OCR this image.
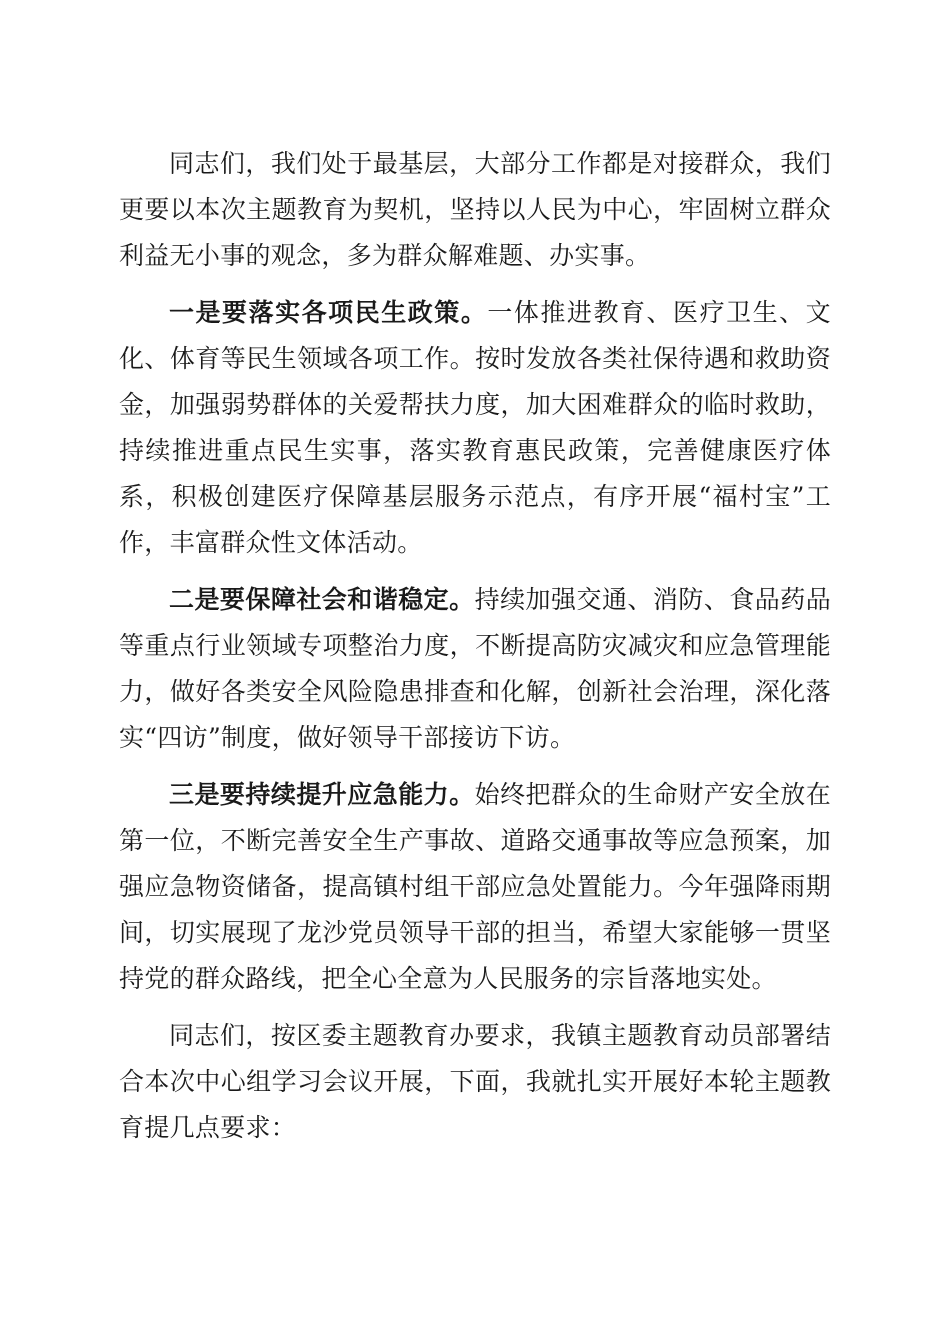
同志们，我们处于最基层，大部分工作都是对接群众，我们更要以本次主题教育为契机，坚持以人民为中心，牢固树立群众利益无小事的观念，多为群众解难题、办实事。

一是要落实各项民生政策。一体推进教育、医疗卫生、文化、体育等民生领域各项工作。按时发放各类社保待遇和救助资金，加强弱势群体的关爱帮扶力度，加大困难群众的临时救助，持续推进重点民生实事，落实教育惠民政策，完善健康医疗体系，积极创建医疗保障基层服务示范点，有序开展“福村宝”工作，丰富群众性文体活动。

二是要保障社会和谐稳定。持续加强交通、消防、食品药品等重点行业领域专项整治力度，不断提高防灾减灾和应急管理能力，做好各类安全风险隐患排查和化解，创新社会治理，深化落实“四访”制度，做好领导干部接访下访。

三是要持续提升应急能力。始终把群众的生命财产安全放在第一位，不断完善安全生产事故、道路交通事故等应急预案，加强应急物资储备，提高镇村组干部应急处置能力。今年强降雨期间，切实展现了龙沙党员领导干部的担当，希望大家能够一贯坚持党的群众路线，把全心全意为人民服务的宗旨落地实处。

同志们，按区委主题教育办要求，我镇主题教育动员部署结合本次中心组学习会议开展，下面，我就扎实开展好本轮主题教育提几点要求：
